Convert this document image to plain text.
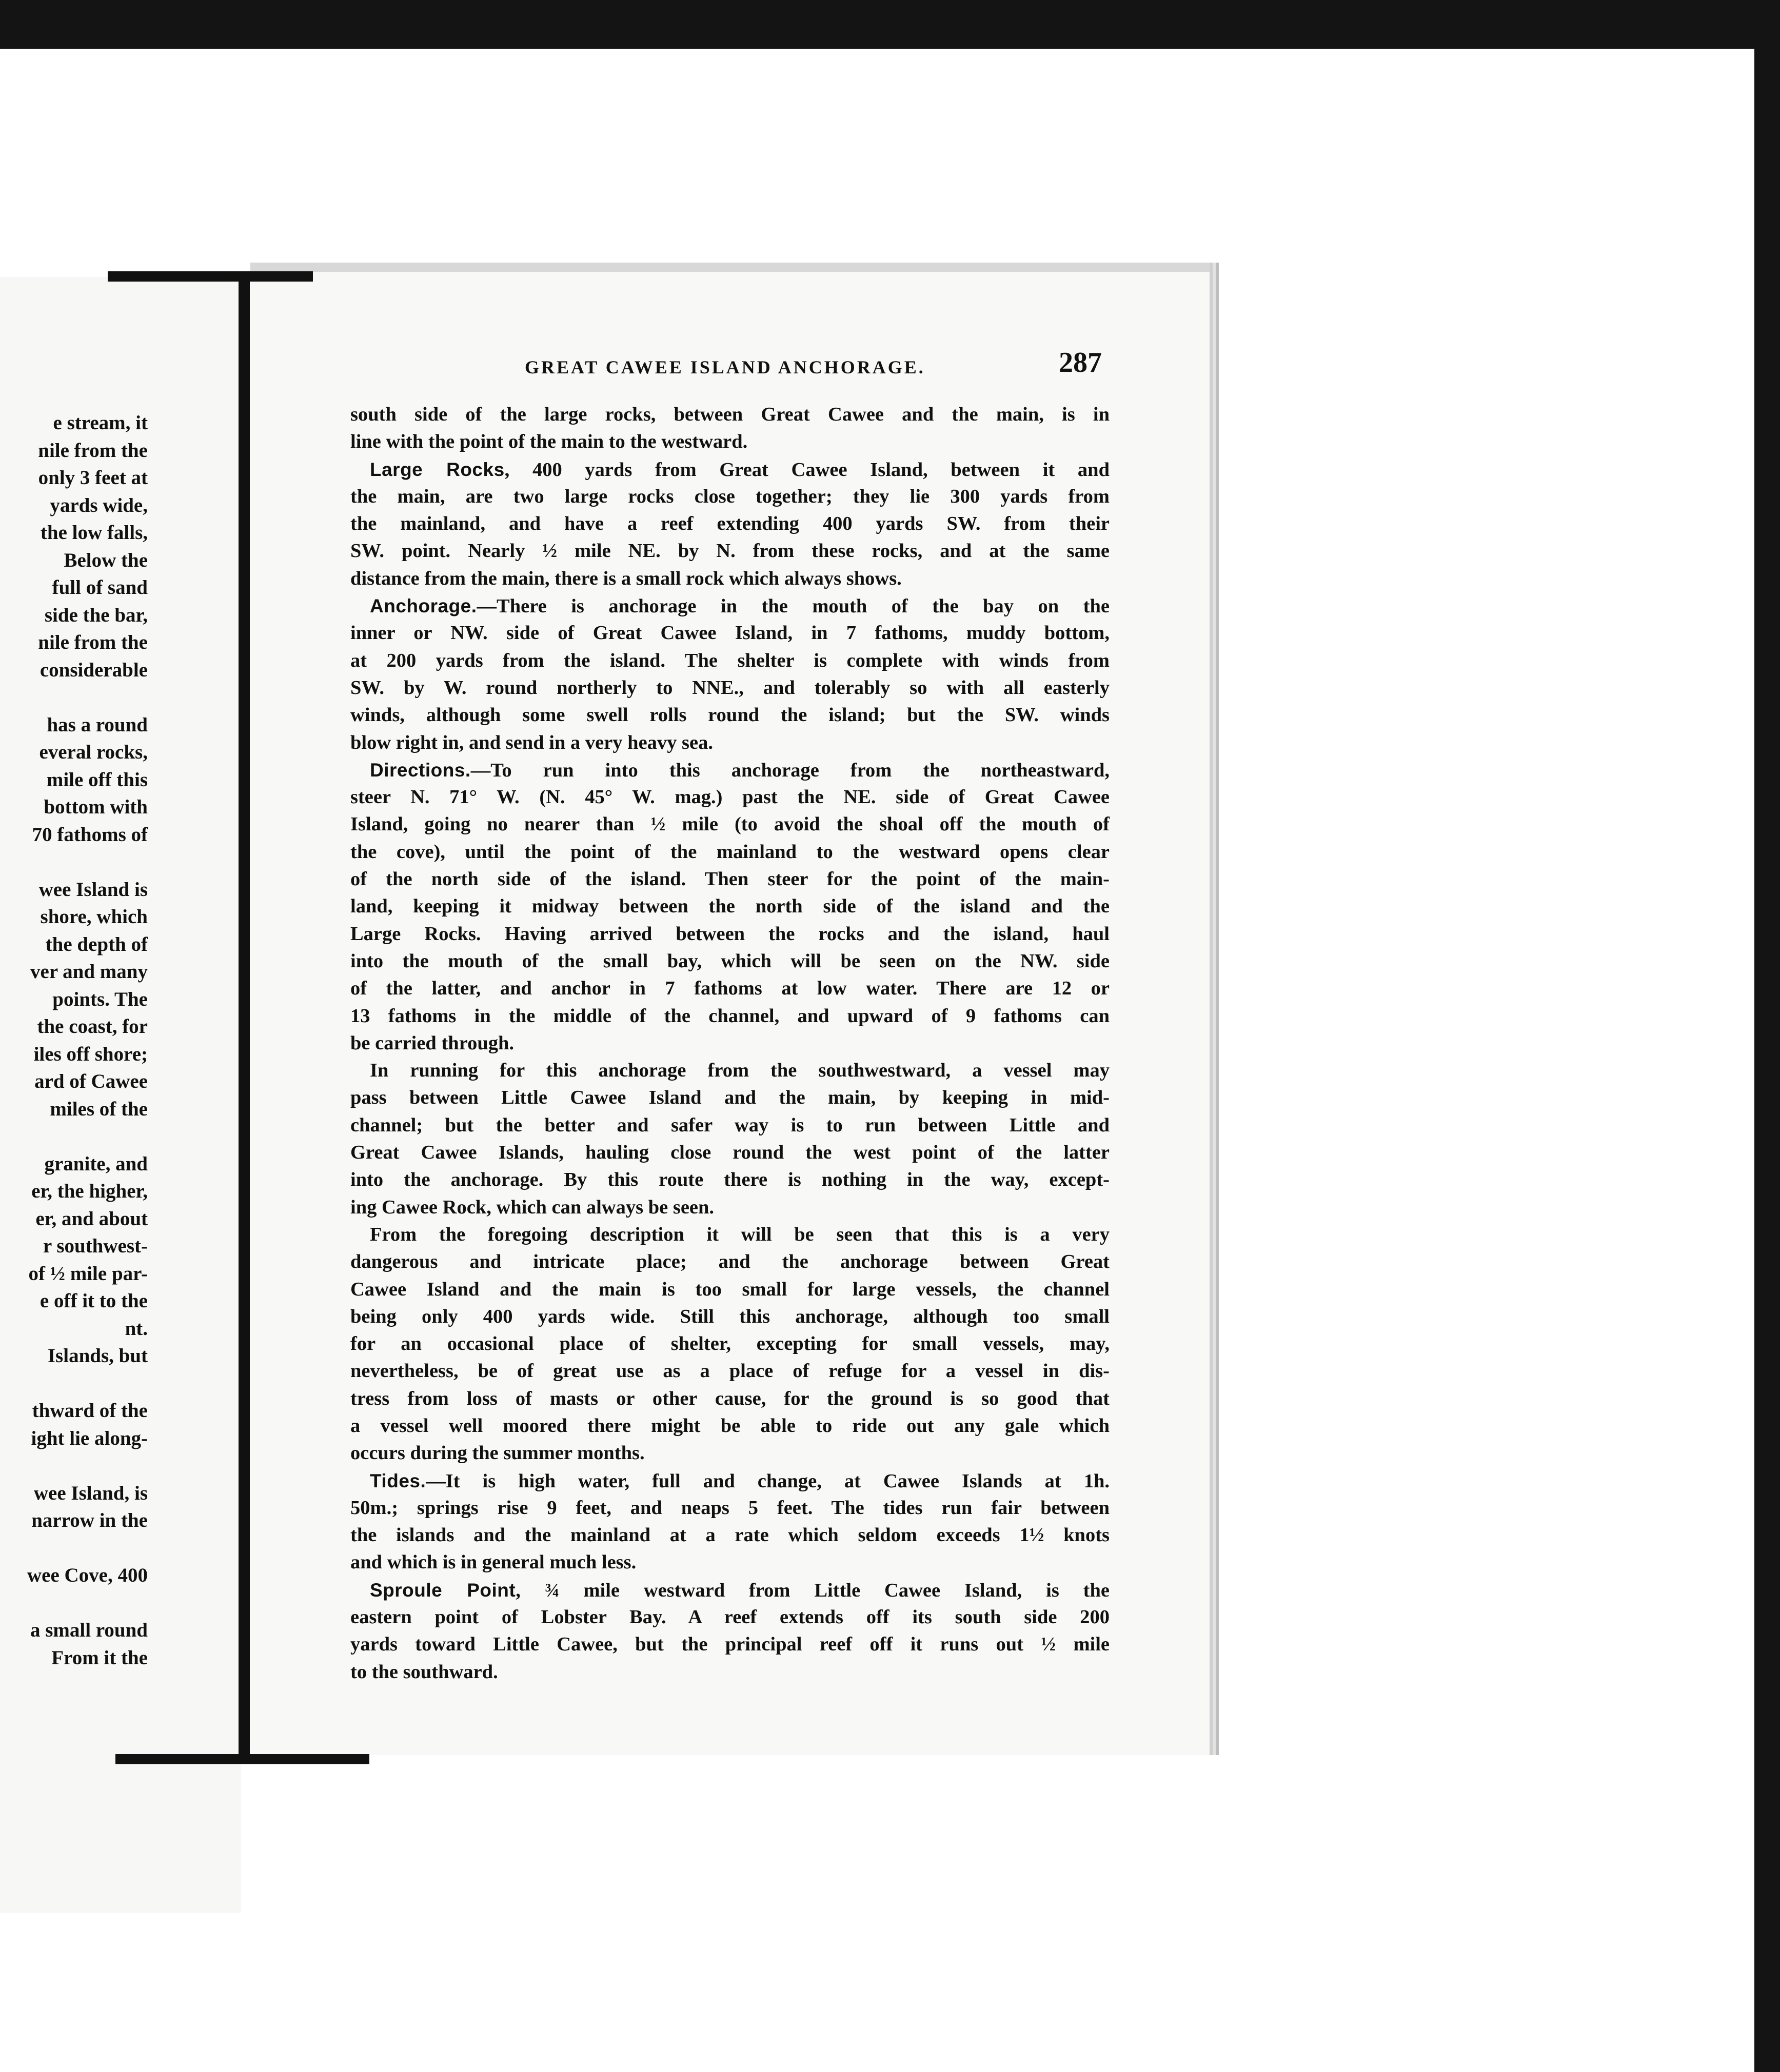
e stream, it
nile from the
only 3 feet at
yards wide,
the low falls,
Below the
full of sand
side the bar,
nile from the
considerable

has a round
everal rocks,
mile off this
bottom with
70 fathoms of

wee Island is
shore, which
the depth of
ver and many
points. The
the coast, for
iles off shore;
ard of Cawee
miles of the

granite, and
er, the higher,
er, and about
r southwest-
of ½ mile par-
e off it to the
nt.
Islands, but

thward of the
ight lie along-

wee Island, is
narrow in the

wee Cove, 400

a small round
From it the

GREAT CAWEE ISLAND ANCHORAGE.	287

south side of the large rocks, between Great Cawee and the main, is in
line with the point of the main to the westward.
Large Rocks, 400 yards from Great Cawee Island, between it and
the main, are two large rocks close together; they lie 300 yards from
the mainland, and have a reef extending 400 yards SW. from their
SW. point. Nearly ½ mile NE. by N. from these rocks, and at the same
distance from the main, there is a small rock which always shows.
Anchorage.—There is anchorage in the mouth of the bay on the
inner or NW. side of Great Cawee Island, in 7 fathoms, muddy bottom,
at 200 yards from the island. The shelter is complete with winds from
SW. by W. round northerly to NNE., and tolerably so with all easterly
winds, although some swell rolls round the island; but the SW. winds
blow right in, and send in a very heavy sea.
Directions.—To run into this anchorage from the northeastward,
steer N. 71° W. (N. 45° W. mag.) past the NE. side of Great Cawee
Island, going no nearer than ½ mile (to avoid the shoal off the mouth of
the cove), until the point of the mainland to the westward opens clear
of the north side of the island. Then steer for the point of the main-
land, keeping it midway between the north side of the island and the
Large Rocks. Having arrived between the rocks and the island, haul
into the mouth of the small bay, which will be seen on the NW. side
of the latter, and anchor in 7 fathoms at low water. There are 12 or
13 fathoms in the middle of the channel, and upward of 9 fathoms can
be carried through.
In running for this anchorage from the southwestward, a vessel may
pass between Little Cawee Island and the main, by keeping in mid-
channel; but the better and safer way is to run between Little and
Great Cawee Islands, hauling close round the west point of the latter
into the anchorage. By this route there is nothing in the way, except-
ing Cawee Rock, which can always be seen.
From the foregoing description it will be seen that this is a very
dangerous and intricate place; and the anchorage between Great
Cawee Island and the main is too small for large vessels, the channel
being only 400 yards wide. Still this anchorage, although too small
for an occasional place of shelter, excepting for small vessels, may,
nevertheless, be of great use as a place of refuge for a vessel in dis-
tress from loss of masts or other cause, for the ground is so good that
a vessel well moored there might be able to ride out any gale which
occurs during the summer months.
Tides.—It is high water, full and change, at Cawee Islands at 1h.
50m.; springs rise 9 feet, and neaps 5 feet. The tides run fair between
the islands and the mainland at a rate which seldom exceeds 1½ knots
and which is in general much less.
Sproule Point, ¾ mile westward from Little Cawee Island, is the
eastern point of Lobster Bay. A reef extends off its south side 200
yards toward Little Cawee, but the principal reef off it runs out ½ mile
to the southward.
